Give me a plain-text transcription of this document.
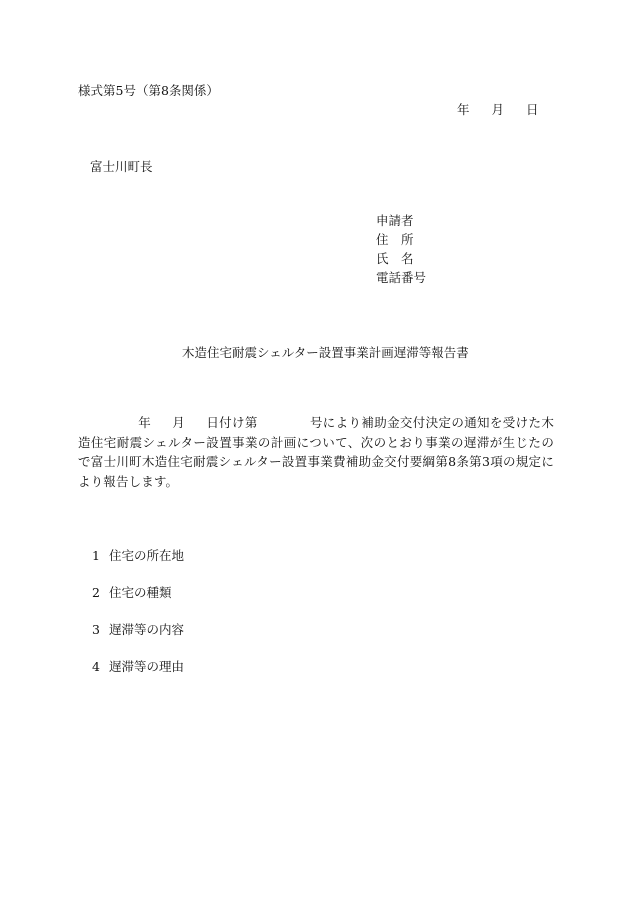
様式第5号（第8条関係）
年 月 日
富士川町長
申請者
住　所
氏　名
電話番号
木造住宅耐震シェルター設置事業計画遅滞等報告書
年 月 日付け第	号により補助金交付決定の通知を受けた木造住宅耐震シェルター設置事業の計画について、次のとおり事業の遅滞が生じたので富士川町木造住宅耐震シェルター設置事業費補助金交付要綱第8条第3項の規定により報告します。
1 住宅の所在地
2 住宅の種類
3 遅滞等の内容
4 遅滞等の理由
